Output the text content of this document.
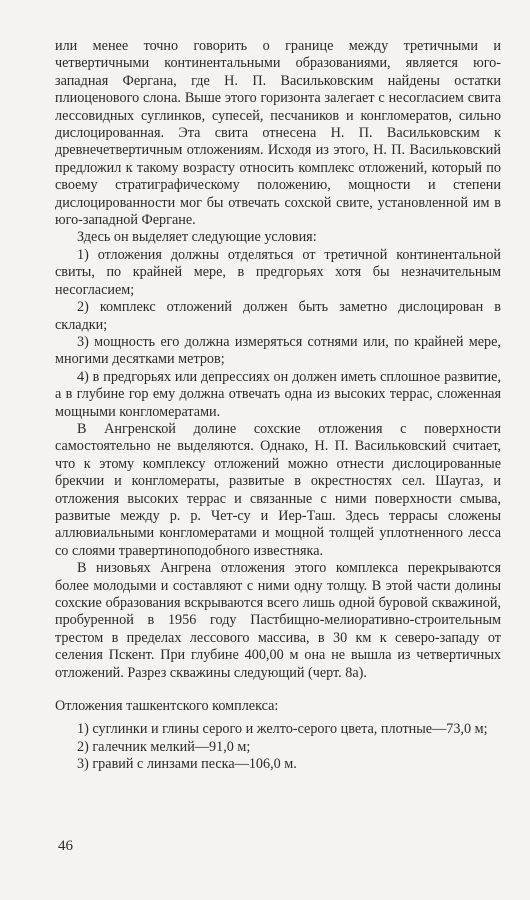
или менее точно говорить о границе между третичными и четвертичными континентальными образованиями, является юго-западная Фергана, где Н. П. Васильковским найдены остатки плиоценового слона. Выше этого горизонта залегает с несогласием свита лессовидных суглинков, супесей, песчаников и конгломератов, сильно дислоцированная. Эта свита отнесена Н. П. Васильковским к древнечетвертичным отложениям. Исходя из этого, Н. П. Васильковский предложил к такому возрасту относить комплекс отложений, который по своему стратиграфическому положению, мощности и степени дислоцированности мог бы отвечать сохской свите, установленной им в юго-западной Фергане.

Здесь он выделяет следующие условия:

1) отложения должны отделяться от третичной континентальной свиты, по крайней мере, в предгорьях хотя бы незначительным несогласием;

2) комплекс отложений должен быть заметно дислоцирован в складки;

3) мощность его должна измеряться сотнями или, по крайней мере, многими десятками метров;

4) в предгорьях или депрессиях он должен иметь сплошное развитие, а в глубине гор ему должна отвечать одна из высоких террас, сложенная мощными конгломератами.

В Ангренской долине сохские отложения с поверхности самостоятельно не выделяются. Однако, Н. П. Васильковский считает, что к этому комплексу отложений можно отнести дислоцированные брекчии и конгломераты, развитые в окрестностях сел. Шаугаз, и отложения высоких террас и связанные с ними поверхности смыва, развитые между р. р. Чет-су и Иер-Таш. Здесь террасы сложены аллювиальными конгломератами и мощной толщей уплотненного лесса со слоями травертиноподобного известняка.

В низовьях Ангрена отложения этого комплекса перекрываются более молодыми и составляют с ними одну толщу. В этой части долины сохские образования вскрываются всего лишь одной буровой скважиной, пробуренной в 1956 году Пастбищно-мелиоративно-строительным трестом в пределах лессового массива, в 30 км к северо-западу от селения Пскент. При глубине 400,00 м она не вышла из четвертичных отложений. Разрез скважины следующий (черт. 8а).

Отложения ташкентского комплекса:

1) суглинки и глины серого и желто-серого цвета, плотные—73,0 м;

2) галечник мелкий—91,0 м;

3) гравий с линзами песка—106,0 м.

46
